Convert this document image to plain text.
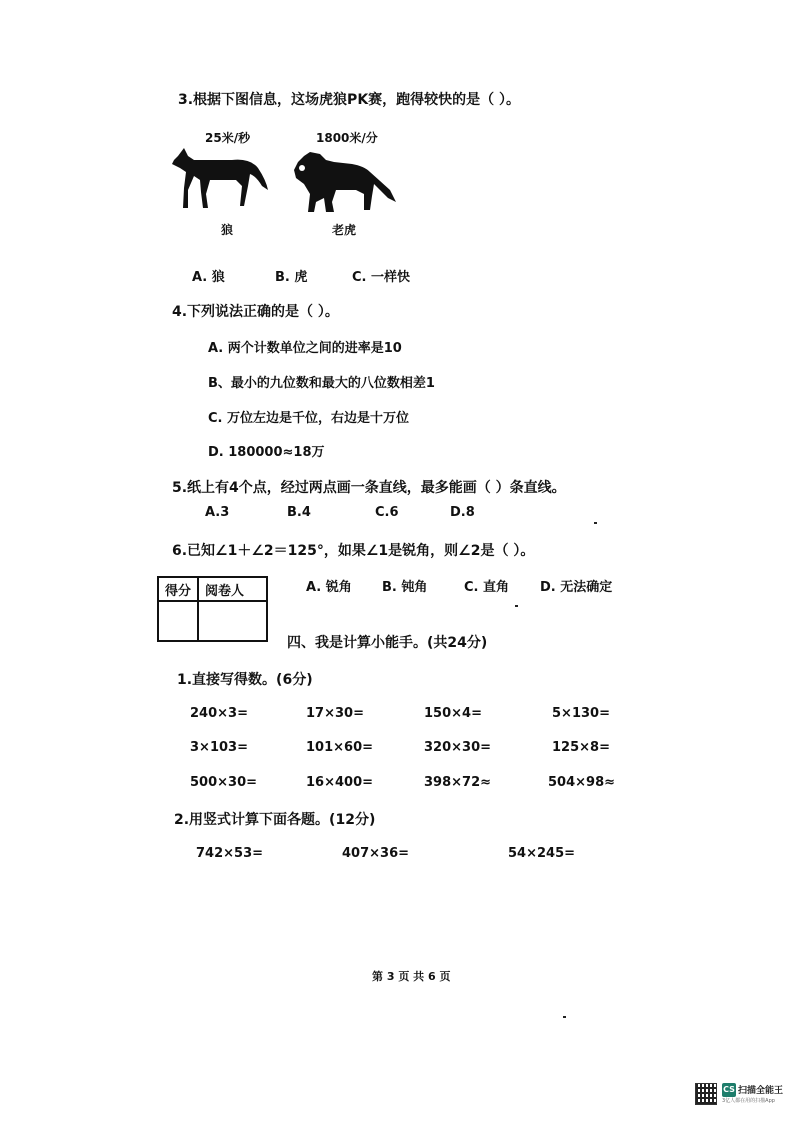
3.根据下图信息，这场虎狼PK赛，跑得较快的是（ ）。
25米/秒	1800米/分
狼	老虎
A. 狼	B. 虎	C. 一样快
4.下列说法正确的是（ ）。
A. 两个计数单位之间的进率是10
B、最小的九位数和最大的八位数相差1
C. 万位左边是千位，右边是十万位
D. 180000≈18万
5.纸上有4个点，经过两点画一条直线，最多能画（ ）条直线。
A.3	B.4	C.6	D.8
6.已知∠1＋∠2＝125°，如果∠1是锐角，则∠2是（ ）。
得分	阅卷人
		A. 锐角 B. 钝角	C. 直角 D. 无法确定
四、我是计算小能手。(共24分)
1.直接写得数。(6分)
240×3=	17×30=	150×4=	5×130=
3×103=	101×60=	320×30=	125×8=
500×30=	16×400=	398×72≈	504×98≈
2.用竖式计算下面各题。(12分)
742×53=	407×36=	54×245=
第 3 页 共 6 页
CS 扫描全能王
3亿人都在用的扫描App
